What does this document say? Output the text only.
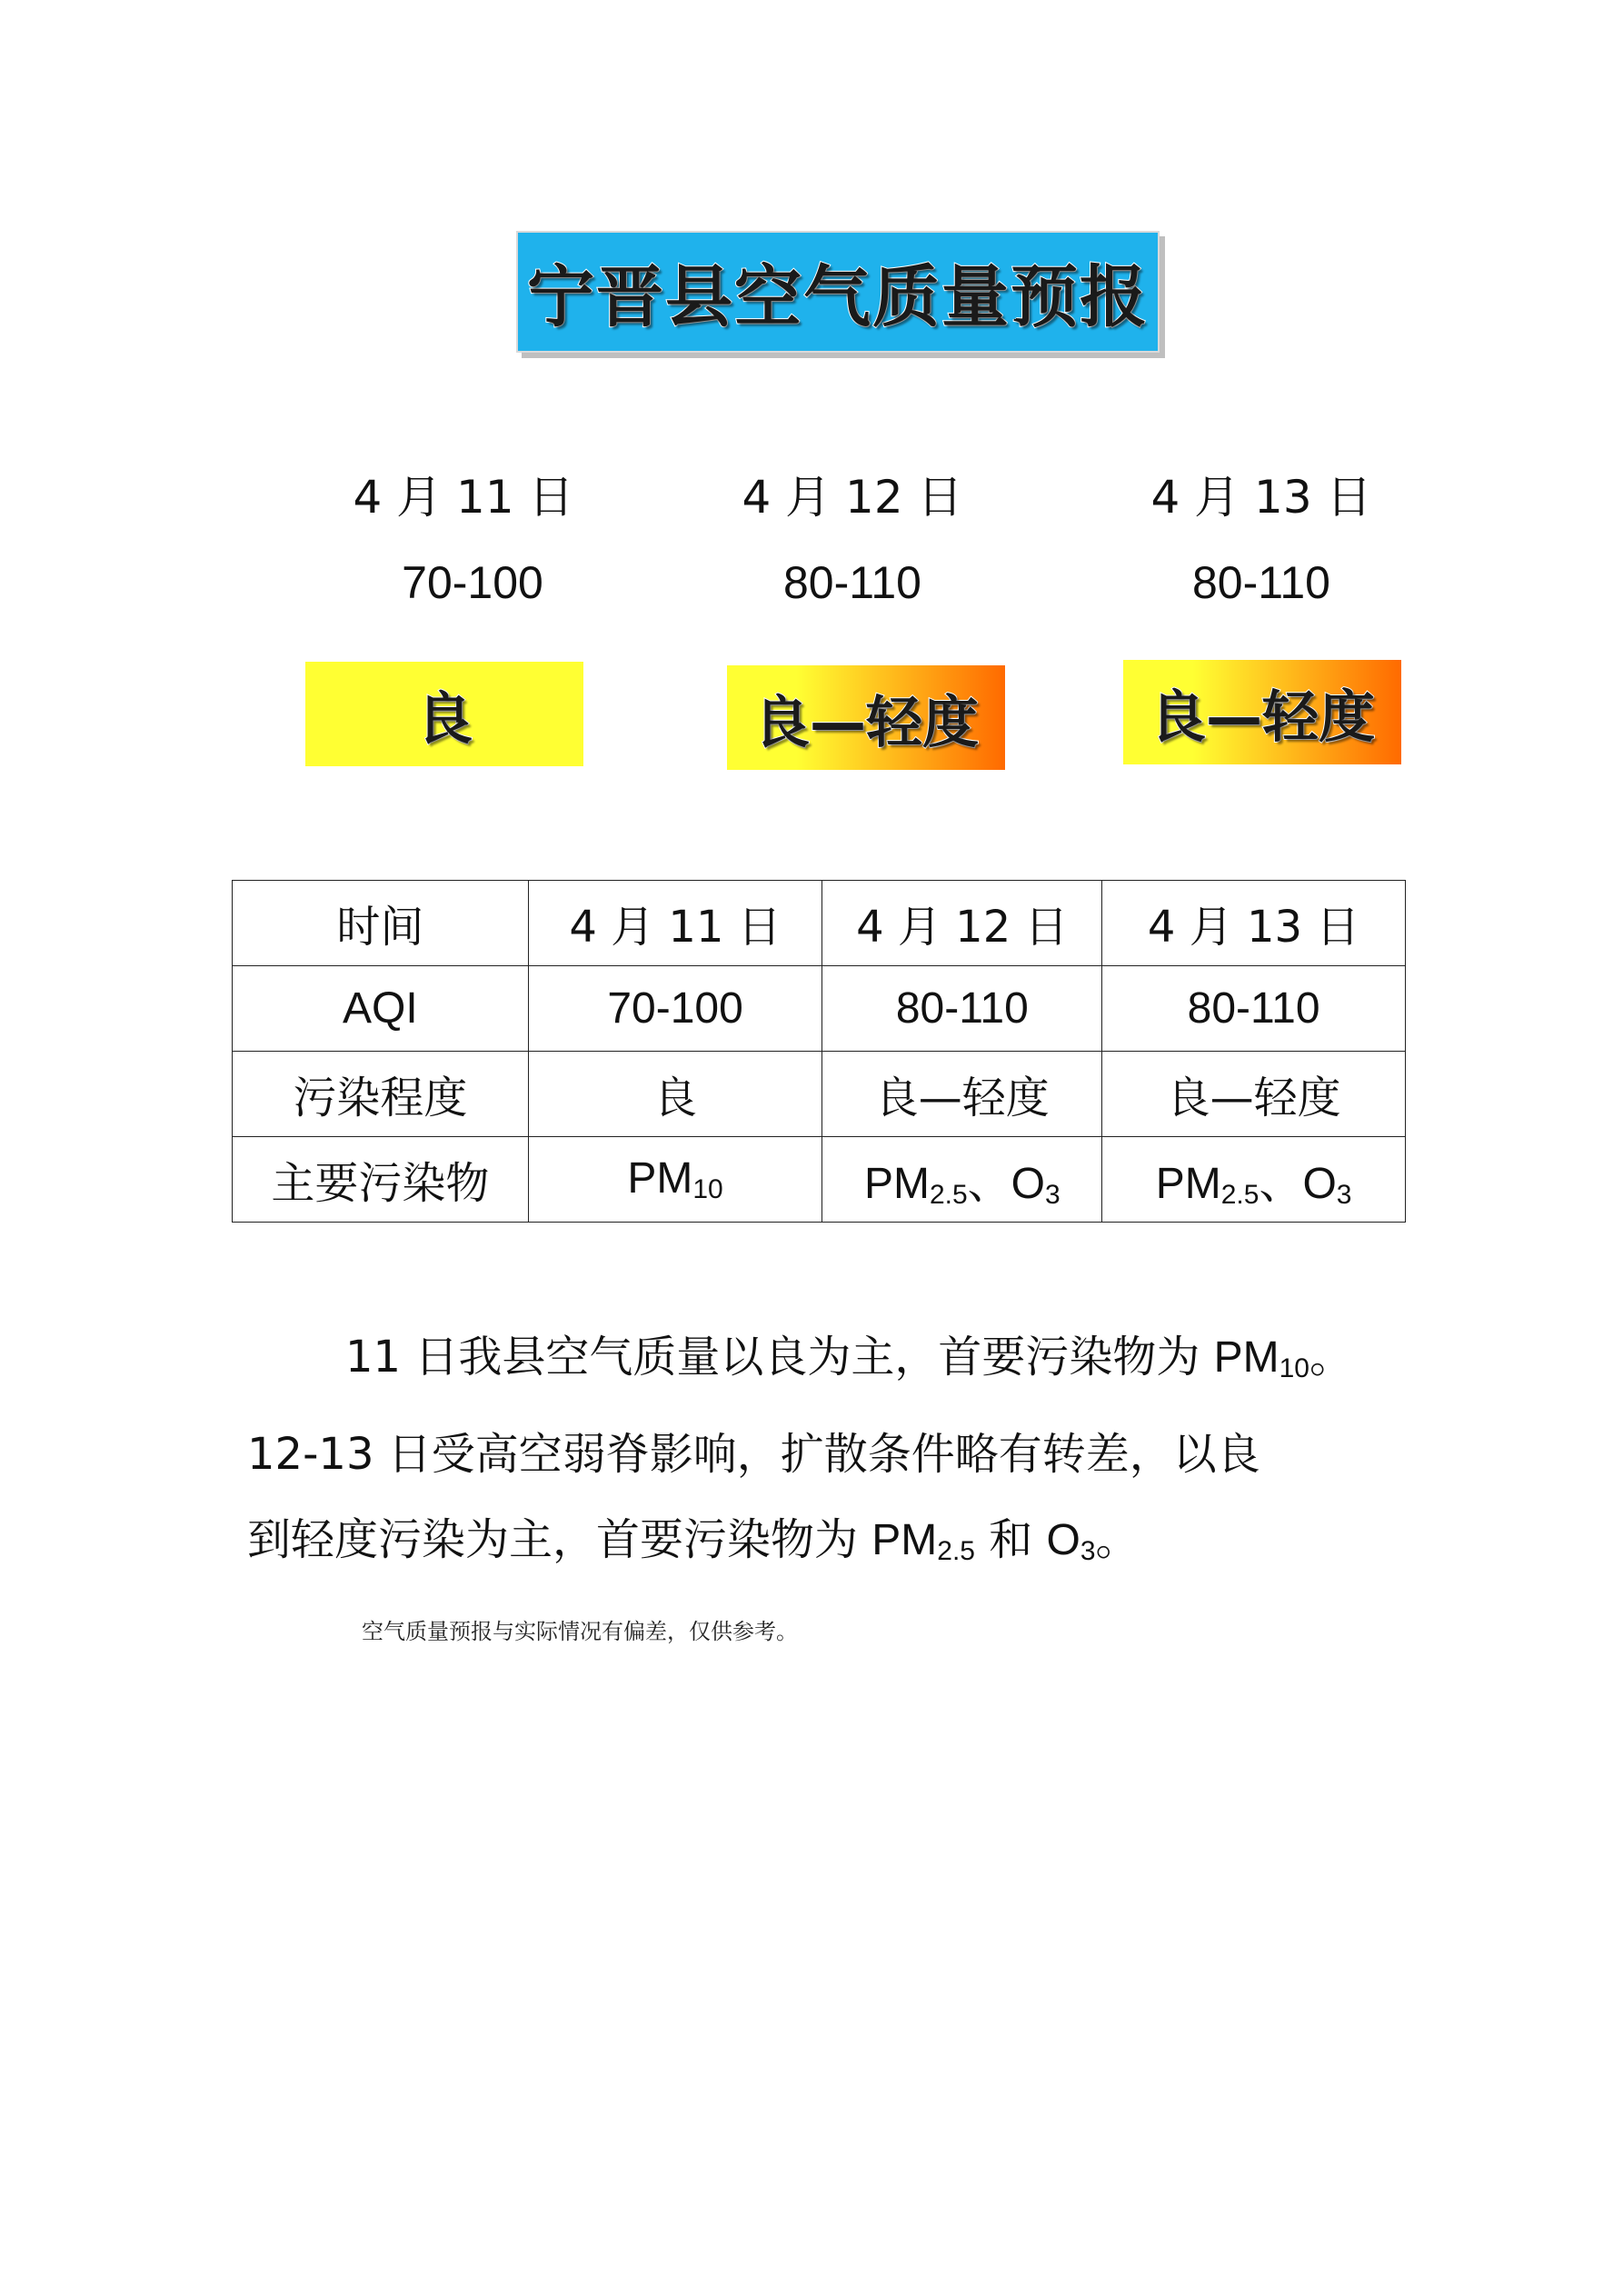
宁晋县空气质量预报
4 月 11 日
70-100
4 月 12 日
80-110
4 月 13 日
80-110
良	良—轻度	良—轻度
时间	4 月 11 日	4 月 12 日	4 月 13 日
AQI	70-100	80-110	80-110
污染程度	良	良—轻度	良—轻度
主要污染物	$PM_{10}$	$PM_{2.5}$、$O_3$	$PM_{2.5}$、$O_3$
11 日我县空气质量以良为主，首要污染物为 $PM_{10}$。
12-13 日受高空弱脊影响，扩散条件略有转差，以良
到轻度污染为主，首要污染物为 $PM_{2.5}$ 和 $O_3$。
空气质量预报与实际情况有偏差，仅供参考。
